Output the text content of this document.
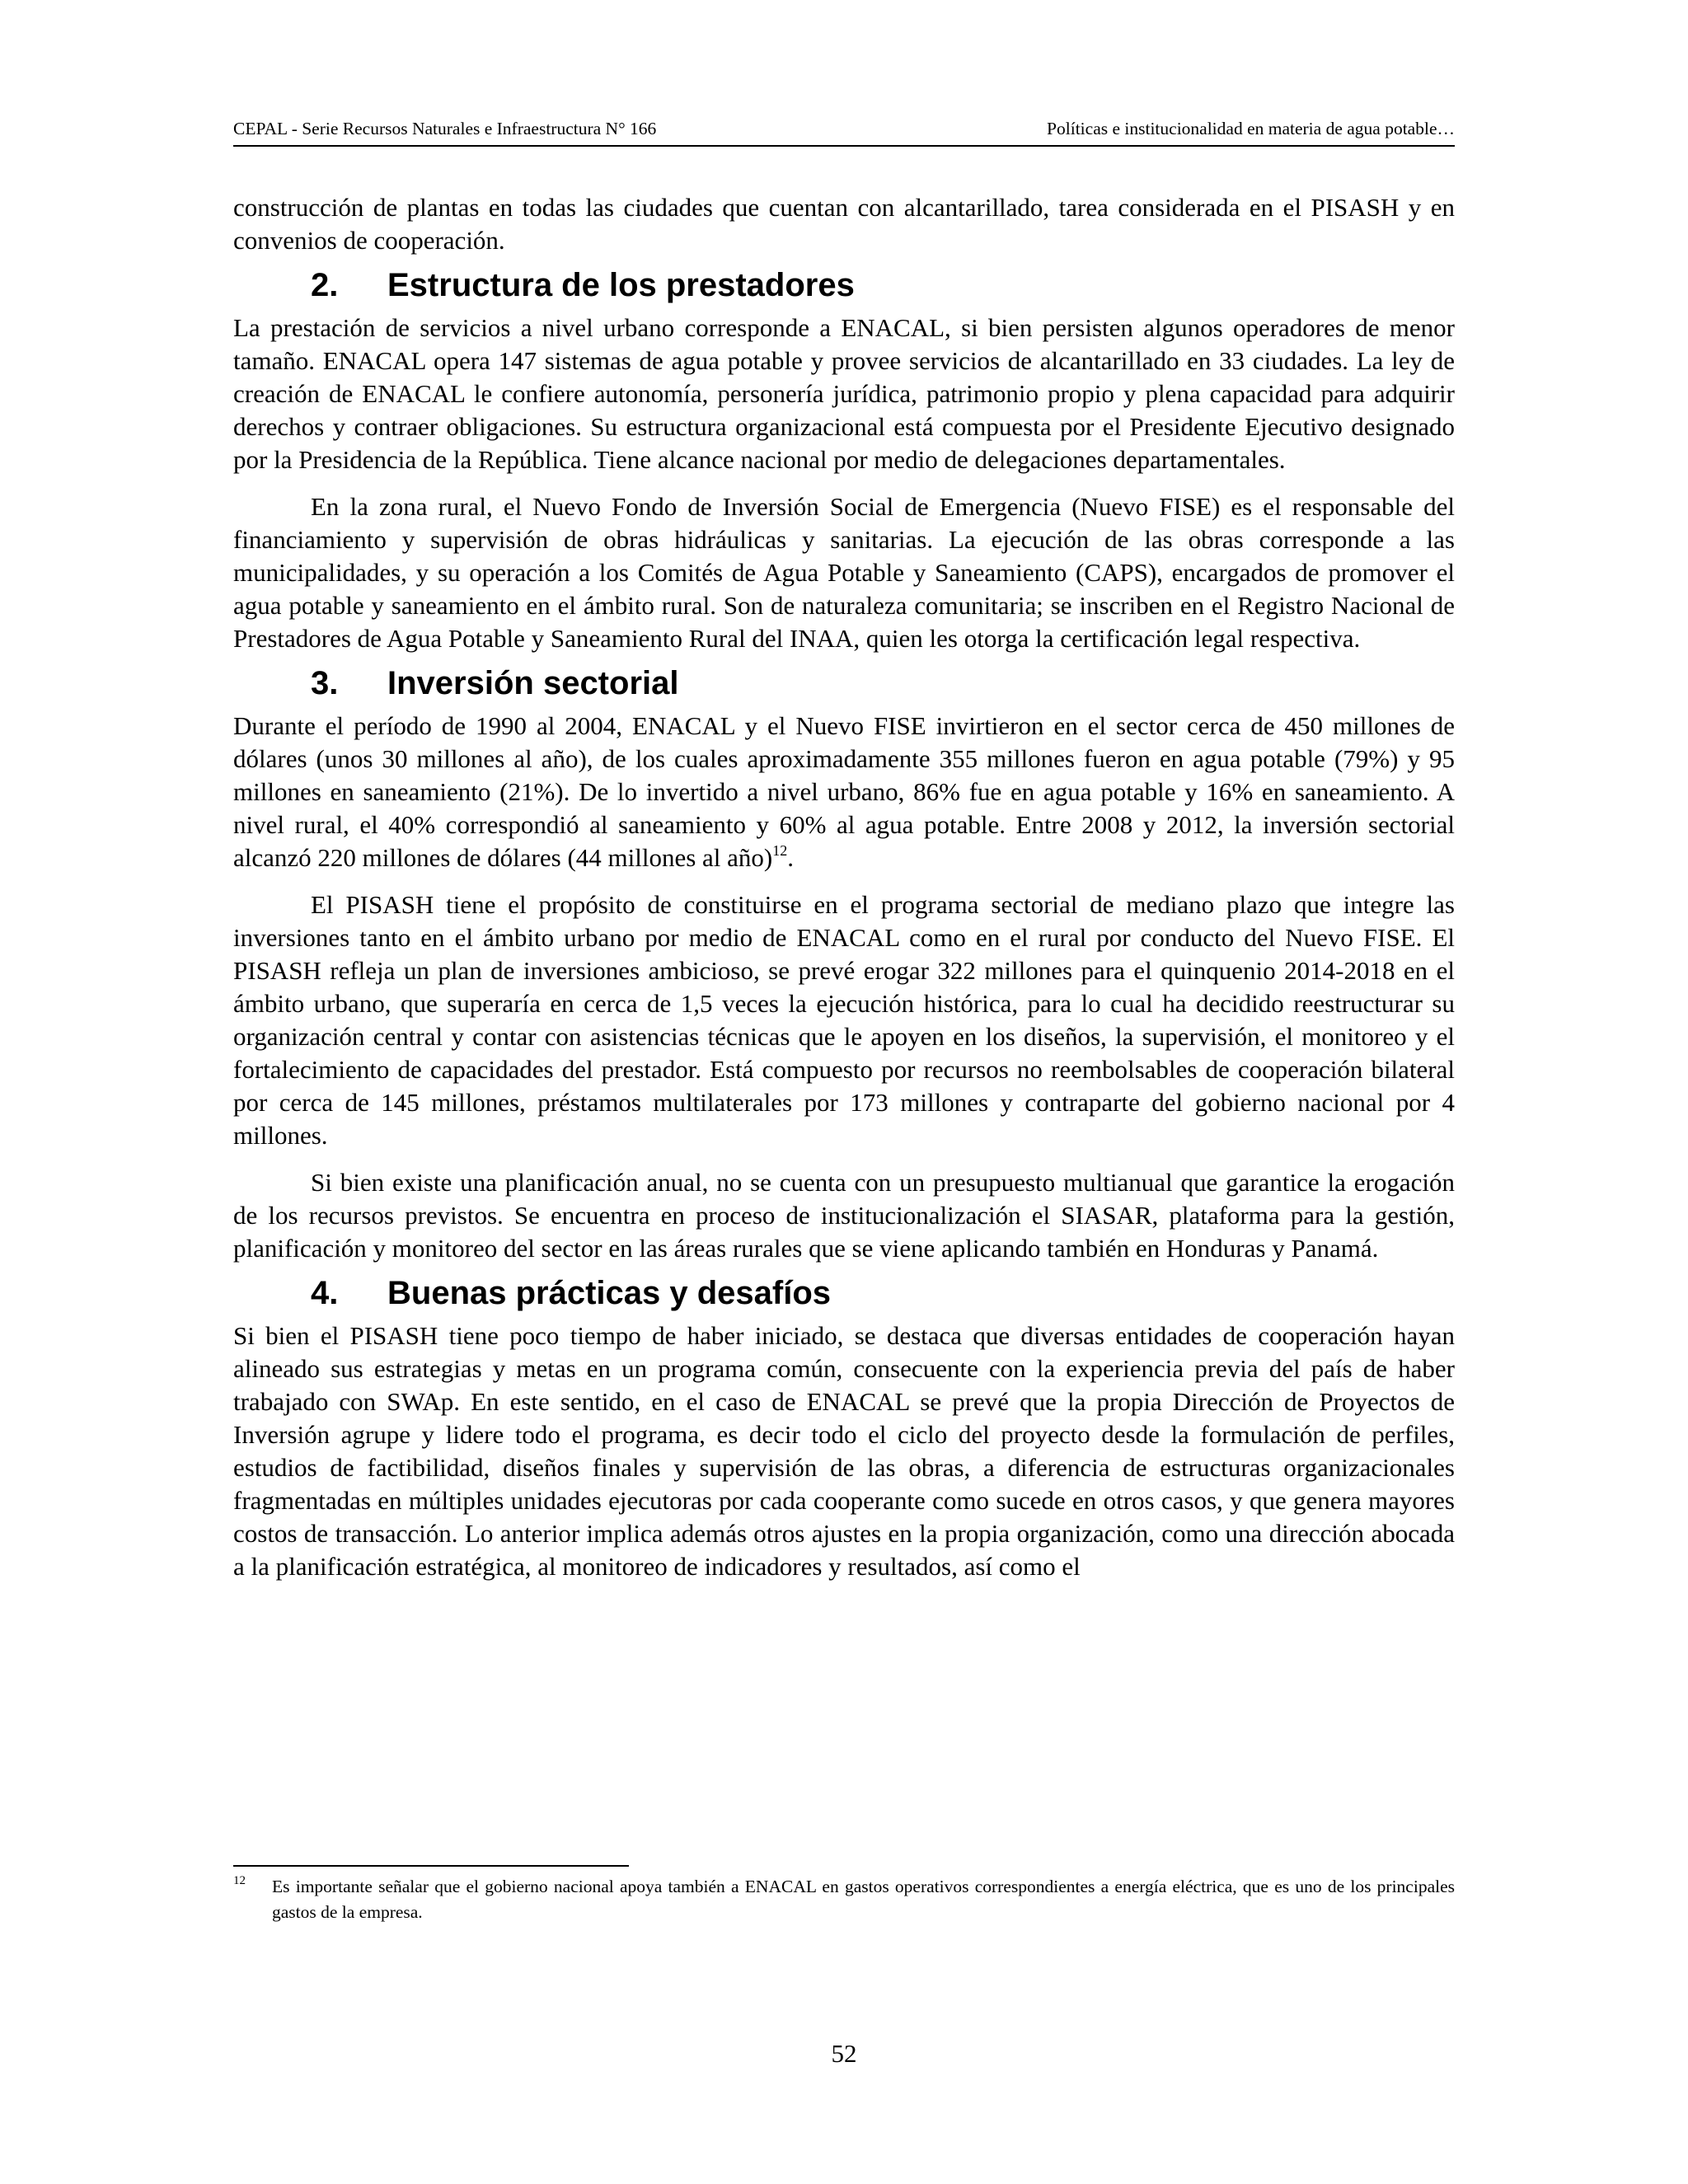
CEPAL - Serie Recursos Naturales e Infraestructura N° 166	Políticas e institucionalidad en materia de agua potable…

construcción de plantas en todas las ciudades que cuentan con alcantarillado, tarea considerada en el PISASH y en convenios de cooperación.

2. Estructura de los prestadores

La prestación de servicios a nivel urbano corresponde a ENACAL, si bien persisten algunos operadores de menor tamaño. ENACAL opera 147 sistemas de agua potable y provee servicios de alcantarillado en 33 ciudades. La ley de creación de ENACAL le confiere autonomía, personería jurídica, patrimonio propio y plena capacidad para adquirir derechos y contraer obligaciones. Su estructura organizacional está compuesta por el Presidente Ejecutivo designado por la Presidencia de la República. Tiene alcance nacional por medio de delegaciones departamentales.

En la zona rural, el Nuevo Fondo de Inversión Social de Emergencia (Nuevo FISE) es el responsable del financiamiento y supervisión de obras hidráulicas y sanitarias. La ejecución de las obras corresponde a las municipalidades, y su operación a los Comités de Agua Potable y Saneamiento (CAPS), encargados de promover el agua potable y saneamiento en el ámbito rural. Son de naturaleza comunitaria; se inscriben en el Registro Nacional de Prestadores de Agua Potable y Saneamiento Rural del INAA, quien les otorga la certificación legal respectiva.

3. Inversión sectorial

Durante el período de 1990 al 2004, ENACAL y el Nuevo FISE invirtieron en el sector cerca de 450 millones de dólares (unos 30 millones al año), de los cuales aproximadamente 355 millones fueron en agua potable (79%) y 95 millones en saneamiento (21%). De lo invertido a nivel urbano, 86% fue en agua potable y 16% en saneamiento. A nivel rural, el 40% correspondió al saneamiento y 60% al agua potable. Entre 2008 y 2012, la inversión sectorial alcanzó 220 millones de dólares (44 millones al año)$^{12}$.

El PISASH tiene el propósito de constituirse en el programa sectorial de mediano plazo que integre las inversiones tanto en el ámbito urbano por medio de ENACAL como en el rural por conducto del Nuevo FISE. El PISASH refleja un plan de inversiones ambicioso, se prevé erogar 322 millones para el quinquenio 2014-2018 en el ámbito urbano, que superaría en cerca de 1,5 veces la ejecución histórica, para lo cual ha decidido reestructurar su organización central y contar con asistencias técnicas que le apoyen en los diseños, la supervisión, el monitoreo y el fortalecimiento de capacidades del prestador. Está compuesto por recursos no reembolsables de cooperación bilateral por cerca de 145 millones, préstamos multilaterales por 173 millones y contraparte del gobierno nacional por 4 millones.

Si bien existe una planificación anual, no se cuenta con un presupuesto multianual que garantice la erogación de los recursos previstos. Se encuentra en proceso de institucionalización el SIASAR, plataforma para la gestión, planificación y monitoreo del sector en las áreas rurales que se viene aplicando también en Honduras y Panamá.

4. Buenas prácticas y desafíos

Si bien el PISASH tiene poco tiempo de haber iniciado, se destaca que diversas entidades de cooperación hayan alineado sus estrategias y metas en un programa común, consecuente con la experiencia previa del país de haber trabajado con SWAp. En este sentido, en el caso de ENACAL se prevé que la propia Dirección de Proyectos de Inversión agrupe y lidere todo el programa, es decir todo el ciclo del proyecto desde la formulación de perfiles, estudios de factibilidad, diseños finales y supervisión de las obras, a diferencia de estructuras organizacionales fragmentadas en múltiples unidades ejecutoras por cada cooperante como sucede en otros casos, y que genera mayores costos de transacción. Lo anterior implica además otros ajustes en la propia organización, como una dirección abocada a la planificación estratégica, al monitoreo de indicadores y resultados, así como el

12 Es importante señalar que el gobierno nacional apoya también a ENACAL en gastos operativos correspondientes a energía eléctrica, que es uno de los principales gastos de la empresa.
52
